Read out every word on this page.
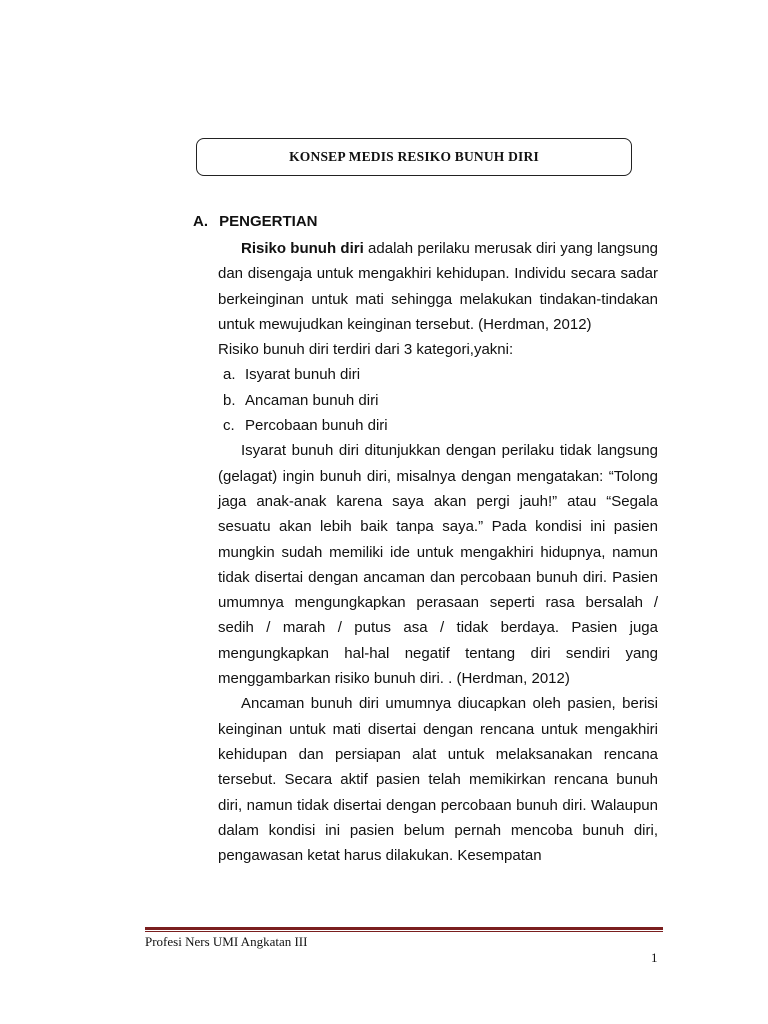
KONSEP MEDIS RESIKO BUNUH DIRI
A. PENGERTIAN

Risiko bunuh diri adalah perilaku merusak diri yang langsung dan disengaja untuk mengakhiri kehidupan. Individu secara sadar berkeinginan untuk mati sehingga melakukan tindakan-tindakan untuk mewujudkan keinginan tersebut. (Herdman, 2012)

Risiko bunuh diri terdiri dari 3 kategori,yakni:

a. Isyarat bunuh diri
b. Ancaman bunuh diri
c. Percobaan bunuh diri

Isyarat bunuh diri ditunjukkan dengan perilaku tidak langsung (gelagat) ingin bunuh diri, misalnya dengan mengatakan: “Tolong jaga anak-anak karena saya akan pergi jauh!” atau “Segala sesuatu akan lebih baik tanpa saya.” Pada kondisi ini pasien mungkin sudah memiliki ide untuk mengakhiri hidupnya, namun tidak disertai dengan ancaman dan percobaan bunuh diri. Pasien umumnya mengungkapkan perasaan seperti rasa bersalah / sedih / marah / putus asa / tidak berdaya. Pasien juga mengungkapkan hal-hal negatif tentang diri sendiri yang menggambarkan risiko bunuh diri. . (Herdman, 2012)

Ancaman bunuh diri umumnya diucapkan oleh pasien, berisi keinginan untuk mati disertai dengan rencana untuk mengakhiri kehidupan dan persiapan alat untuk melaksanakan rencana tersebut. Secara aktif pasien telah memikirkan rencana bunuh diri, namun tidak disertai dengan percobaan bunuh diri. Walaupun dalam kondisi ini pasien belum pernah mencoba bunuh diri, pengawasan ketat harus dilakukan. Kesempatan

Profesi Ners UMI Angkatan III
1
